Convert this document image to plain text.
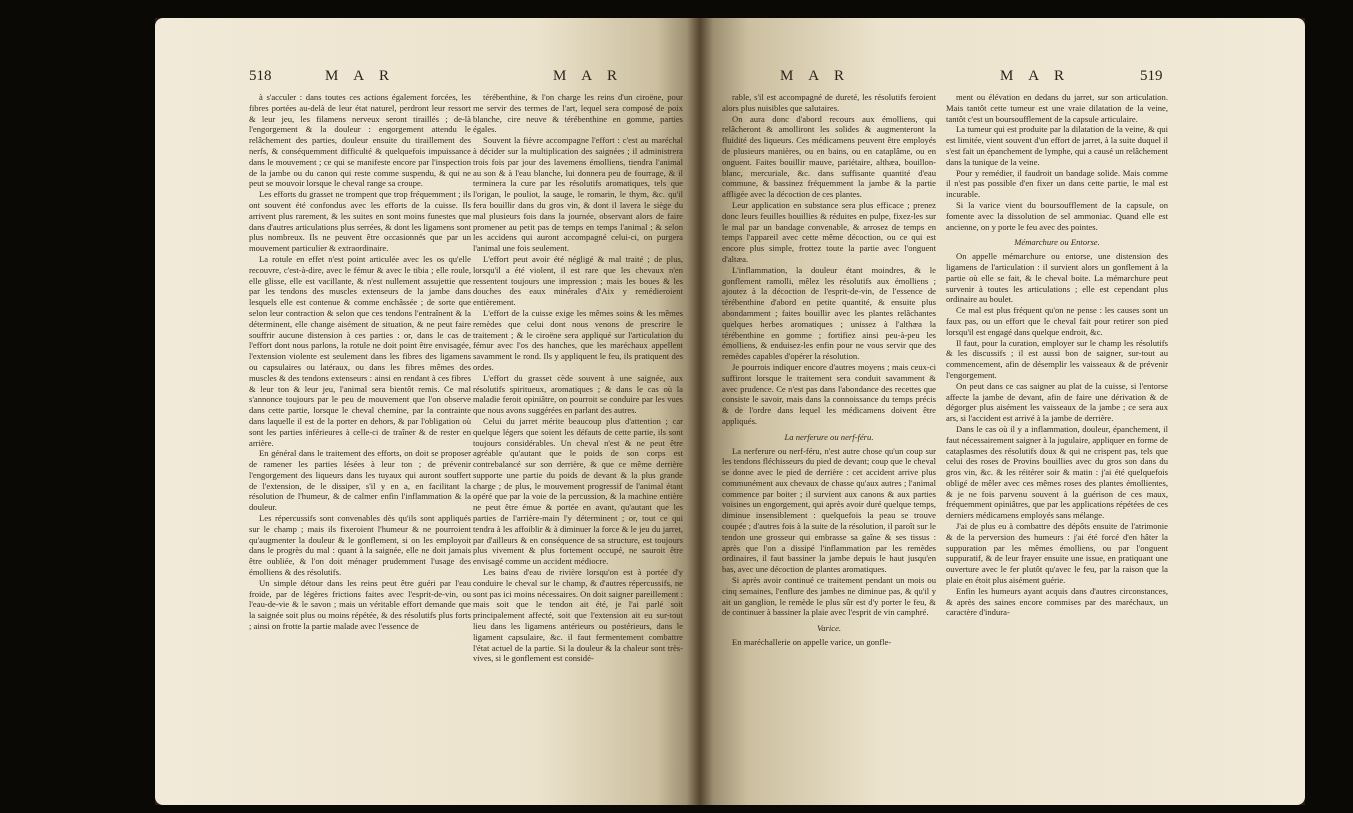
518	M A R	M A R

à s'acculer : dans toutes ces actions également forcées, les fibres portées au-delà de leur état naturel, perdront leur ressort & leur jeu, les filamens nerveux seront tiraillés ; de-là l'engorgement & la douleur : engorgement attendu le relâchement des parties, douleur ensuite du tiraillement des nerfs, & conséquemment difficulté & quelquefois impuissance dans le mouvement ; ce qui se manifeste encore par l'inspection de la jambe ou du canon qui reste comme suspendu, & qui ne peut se mouvoir lorsque le cheval range sa croupe.

Les efforts du grasset ne trompent que trop fréquemment ; ils ont souvent été confondus avec les efforts de la cuisse. Ils arrivent plus rarement, & les suites en sont moins funestes que dans d'autres articulations plus serrées, & dont les ligamens sont plus nombreux. Ils ne peuvent être occasionnés que par un mouvement particulier & extraordinaire.

La rotule en effet n'est point articulée avec les os qu'elle recouvre, c'est-à-dire, avec le fémur & avec le tibia ; elle roule, elle glisse, elle est vacillante, & n'est nullement assujettie que par les tendons des muscles extenseurs de la jambe dans lesquels elle est contenue & comme enchâssée ; de sorte que selon leur contraction & selon que ces tendons l'entraînent & la déterminent, elle change aisément de situation, & ne peut faire souffrir aucune distension à ces parties : or, dans le cas de l'effort dont nous parlons, la rotule ne doit point être envisagée, l'extension violente est seulement dans les fibres des ligamens ou capsulaires ou latéraux, ou dans les fibres mêmes des muscles & des tendons extenseurs : ainsi en rendant à ces fibres & leur ton & leur jeu, l'animal sera bientôt remis. Ce mal s'annonce toujours par le peu de mouvement que l'on observe dans cette partie, lorsque le cheval chemine, par la contrainte dans laquelle il est de la porter en dehors, & par l'obligation où sont les parties inférieures à celle-ci de traîner & de rester en arrière.

En général dans le traitement des efforts, on doit se proposer de ramener les parties lésées à leur ton ; de prévenir l'engorgement des liqueurs dans les tuyaux qui auront souffert de l'extension, de le dissiper, s'il y en a, en facilitant la résolution de l'humeur, & de calmer enfin l'inflammation & la douleur.

Les répercussifs sont convenables dès qu'ils sont appliqués sur le champ ; mais ils fixeroient l'humeur & ne pourroient qu'augmenter la douleur & le gonflement, si on les employoit dans le progrès du mal : quant à la saignée, elle ne doit jamais être oubliée, & l'on doit ménager prudemment l'usage des émolliens & des résolutifs.

Un simple détour dans les reins peut être guéri par l'eau froide, par de légères frictions faites avec l'esprit-de-vin, ou l'eau-de-vie & le savon ; mais un véritable effort demande que la saignée soit plus ou moins répétée, & des résolutifs plus forts ; ainsi on frotte la partie malade avec l'essence de

térébenthine, & l'on charge les reins d'un ciroëne, pour me servir des termes de l'art, lequel sera composé de poix blanche, cire neuve & térébenthine en gomme, parties égales.

Souvent la fièvre accompagne l'effort : c'est au maréchal à décider sur la multiplication des saignées ; il administrera trois fois par jour des lavemens émolliens, tiendra l'animal au son & à l'eau blanche, lui donnera peu de fourrage, & il terminera la cure par les résolutifs aromatiques, tels que l'origan, le pouliot, la sauge, le romarin, le thym, &c. qu'il fera bouillir dans du gros vin, & dont il lavera le siège du mal plusieurs fois dans la journée, observant alors de faire promener au petit pas de temps en temps l'animal ; & selon les accidens qui auront accompagné celui-ci, on purgera l'animal une fois seulement.

L'effort peut avoir été négligé & mal traité ; de plus, lorsqu'il a été violent, il est rare que les chevaux n'en ressentent toujours une impression ; mais les boues & les douches des eaux minérales d'Aix y remédieroient entièrement.

L'effort de la cuisse exige les mêmes soins & les mêmes remèdes que celui dont nous venons de prescrire le traitement ; & le ciroëne sera appliqué sur l'articulation du fémur avec l'os des hanches, que les maréchaux appellent savamment le rond. Ils y appliquent le feu, ils pratiquent des ordes.

L'effort du grasset cède souvent à une saignée, aux résolutifs spiritueux, aromatiques ; & dans le cas où la maladie feroit opiniâtre, on pourroit se conduire par les vues que nous avons suggérées en parlant des autres.

Celui du jarret mérite beaucoup plus d'attention ; car quelque légers que soient les défauts de cette partie, ils sont toujours considérables. Un cheval n'est & ne peut être agréable qu'autant que le poids de son corps est contrebalancé sur son derrière, & que ce même derrière supporte une partie du poids de devant & la plus grande charge ; de plus, le mouvement progressif de l'animal étant opéré que par la voie de la percussion, & la machine entière ne peut être émue & portée en avant, qu'autant que les parties de l'arrière-main l'y déterminent ; or, tout ce qui tendra à les affoiblir & à diminuer la force & le jeu du jarret, par d'ailleurs & en conséquence de sa structure, est toujours plus vivement & plus fortement occupé, ne sauroit être envisagé comme un accident médiocre.

Les bains d'eau de rivière lorsqu'on est à portée d'y conduire le cheval sur le champ, & d'autres répercussifs, ne sont pas ici moins nécessaires. On doit saigner pareillement : mais soit que le tendon ait été, je l'ai parlé soit principalement affecté, soit que l'extension ait eu sur-tout lieu dans les ligamens antérieurs ou postérieurs, dans le ligament capsulaire, &c. il faut fermentement combattre l'état actuel de la partie. Si la douleur & la chaleur sont très-vives, si le gonflement est considé-

M A R	M A R	519

rable, s'il est accompagné de dureté, les résolutifs feroient alors plus nuisibles que salutaires.

On aura donc d'abord recours aux émolliens, qui relâcheront & amolliront les solides & augmenteront la fluidité des liqueurs. Ces médicamens peuvent être employés de plusieurs manières, ou en bains, ou en cataplâme, ou en onguent. Faites bouillir mauve, pariétaire, althæa, bouillon-blanc, mercuriale, &c. dans suffisante quantité d'eau commune, & bassinez fréquemment la jambe & la partie affligée avec la décoction de ces plantes.

Leur application en substance sera plus efficace ; prenez donc leurs feuilles bouillies & réduites en pulpe, fixez-les sur le mal par un bandage convenable, & arrosez de temps en temps l'appareil avec cette même décoction, ou ce qui est encore plus simple, frottez toute la partie avec l'onguent d'altæa.

L'inflammation, la douleur étant moindres, & le gonflement ramolli, mêlez les résolutifs aux émolliens ; ajoutez à la décoction de l'esprit-de-vin, de l'essence de térébenthine d'abord en petite quantité, & ensuite plus abondamment ; faites bouillir avec les plantes relâchantes quelques herbes aromatiques ; unissez à l'althæa la térébenthine en gomme ; fortifiez ainsi peu-à-peu les émolliens, & enduisez-les enfin pour ne vous servir que des remèdes capables d'opérer la résolution.

Je pourrois indiquer encore d'autres moyens ; mais ceux-ci suffiront lorsque le traitement sera conduit savamment & avec prudence. Ce n'est pas dans l'abondance des recettes que consiste le savoir, mais dans la connoissance du temps précis & de l'ordre dans lequel les médicamens doivent être appliqués.

La nerferure ou nerf-féru.

La nerferure ou nerf-féru, n'est autre chose qu'un coup sur les tendons fléchisseurs du pied de devant; coup que le cheval se donne avec le pied de derrière : cet accident arrive plus communément aux chevaux de chasse qu'aux autres ; l'animal commence par boiter ; il survient aux canons & aux parties voisines un engorgement, qui après avoir duré quelque temps, diminue insensiblement : quelquefois la peau se trouve coupée ; d'autres fois à la suite de la résolution, il paroît sur le tendon une grosseur qui embrasse sa gaîne & ses tissus : après que l'on a dissipé l'inflammation par les remèdes ordinaires, il faut bassiner la jambe depuis le haut jusqu'en bas, avec une décoction de plantes aromatiques.

Si après avoir continué ce traitement pendant un mois ou cinq semaines, l'enflure des jambes ne diminue pas, & qu'il y ait un ganglion, le remède le plus sûr est d'y porter le feu, & de continuer à bassiner la plaie avec l'esprit de vin camphré.

Varice.

En maréchallerie on appelle varice, un gonfle-

ment ou élévation en dedans du jarret, sur son articulation. Mais tantôt cette tumeur est une vraie dilatation de la veine, tantôt c'est un boursoufflement de la capsule articulaire.

La tumeur qui est produite par la dilatation de la veine, & qui est limitée, vient souvent d'un effort de jarret, à la suite duquel il s'est fait un épanchement de lymphe, qui a causé un relâchement dans la tunique de la veine.

Pour y remédier, il faudroit un bandage solide. Mais comme il n'est pas possible d'en fixer un dans cette partie, le mal est incurable.

Si la varice vient du boursoufflement de la capsule, on fomente avec la dissolution de sel ammoniac. Quand elle est ancienne, on y porte le feu avec des pointes.

Mémarchure ou Entorse.

On appelle mémarchure ou entorse, une distension des ligamens de l'articulation : il survient alors un gonflement à la partie où elle se fait, & le cheval boite. La mémarchure peut survenir à toutes les articulations ; elle est cependant plus ordinaire au boulet.

Ce mal est plus fréquent qu'on ne pense : les causes sont un faux pas, ou un effort que le cheval fait pour retirer son pied lorsqu'il est engagé dans quelque endroit, &c.

Il faut, pour la curation, employer sur le champ les résolutifs & les discussifs ; il est aussi bon de saigner, sur-tout au commencement, afin de désemplir les vaisseaux & de prévenir l'engorgement.

On peut dans ce cas saigner au plat de la cuisse, si l'entorse affecte la jambe de devant, afin de faire une dérivation & de dégorger plus aisément les vaisseaux de la jambe ; ce sera aux ars, si l'accident est arrivé à la jambe de derrière.

Dans le cas où il y a inflammation, douleur, épanchement, il faut nécessairement saigner à la jugulaire, appliquer en forme de cataplasmes des résolutifs doux & qui ne crispent pas, tels que celui des roses de Provins bouillies avec du gros son dans du gros vin, &c. & les réitérer soir & matin : j'ai été quelquefois obligé de mêler avec ces mêmes roses des plantes émollientes, & je ne fois parvenu souvent à la guérison de ces maux, fréquemment opiniâtres, que par les applications répétées de ces derniers médicamens employés sans mélange.

J'ai de plus eu à combattre des dépôts ensuite de l'atrimonie & de la perversion des humeurs : j'ai été forcé d'en hâter la suppuration par les mêmes émolliens, ou par l'onguent suppuratif, & de leur frayer ensuite une issue, en pratiquant une ouverture avec le fer plutôt qu'avec le feu, par la raison que la plaie en étoit plus aisément guérie.

Enfin les humeurs ayant acquis dans d'autres circonstances, & après des saines encore commises par des maréchaux, un caractère d'indura-
